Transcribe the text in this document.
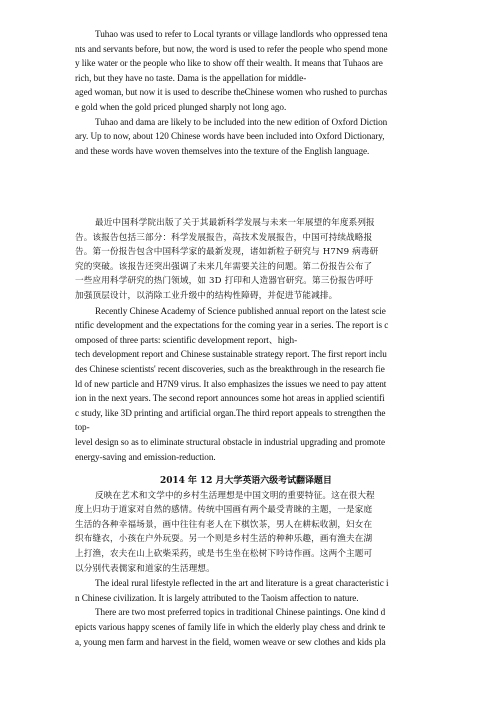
Tuhao was used to refer to Local tyrants or village landlords who oppressed tena
nts and servants before, but now, the word is used to refer the people who spend mone
y like water or the people who like to show off their wealth. It means that Tuhaos are
rich, but they have no taste. Dama is the appellation for middle-
aged woman, but now it is used to describe theChinese women who rushed to purchas
e gold when the gold priced plunged sharply not long ago.
Tuhao and dama are likely to be included into the new edition of Oxford Diction
ary. Up to now, about 120 Chinese words have been included into Oxford Dictionary,
and these words have woven themselves into the texture of the English language.
最近中国科学院出版了关于其最新科学发展与未来一年展望的年度系列报
告。该报告包括三部分：科学发展报告，高技术发展报告，中国可持续战略报
告。第一份报告包含中国科学家的最新发现，诸如新粒子研究与 H7N9 病毒研
究的突破。该报告还突出强调了未来几年需要关注的问题。第二份报告公布了
一些应用科学研究的热门领域，如 3D 打印和人造器官研究。第三份报告呼吁
加强顶层设计，以消除工业升级中的结构性障碍，并促进节能减排。
Recently Chinese Academy of Science published annual report on the latest scie
ntific development and the expectations for the coming year in a series. The report is c
omposed of three parts: scientific development report、high-
tech development report and Chinese sustainable strategy report. The first report inclu
des Chinese scientists' recent discoveries, such as the breakthrough in the research fie
ld of new particle and H7N9 virus. It also emphasizes the issues we need to pay attent
ion in the next years. The second report announces some hot areas in applied scientifi
c study, like 3D printing and artificial organ.The third report appeals to strengthen the
top-
level design so as to eliminate structural obstacle in industrial upgrading and promote
energy-saving and emission-reduction.
2014 年 12 月大学英语六级考试翻译题目
反映在艺术和文学中的乡村生活理想是中国文明的重要特征。这在很大程
度上归功于道家对自然的感情。传统中国画有两个最受青睐的主题，一是家庭
生活的各种幸福场景，画中往往有老人在下棋饮茶，男人在耕耘收割，妇女在
织布缝衣，小孩在户外玩耍。另一个则是乡村生活的种种乐趣，画有渔夫在湖
上打渔，农夫在山上砍柴采药，或是书生坐在松树下吟诗作画。这两个主题可
以分别代表儒家和道家的生活理想。
The ideal rural lifestyle reflected in the art and literature is a great characteristic i
n Chinese civilization. It is largely attributed to the Taoism affection to nature.
There are two most preferred topics in traditional Chinese paintings. One kind d
epicts various happy scenes of family life in which the elderly play chess and drink te
a, young men farm and harvest in the field, women weave or sew clothes and kids pla
